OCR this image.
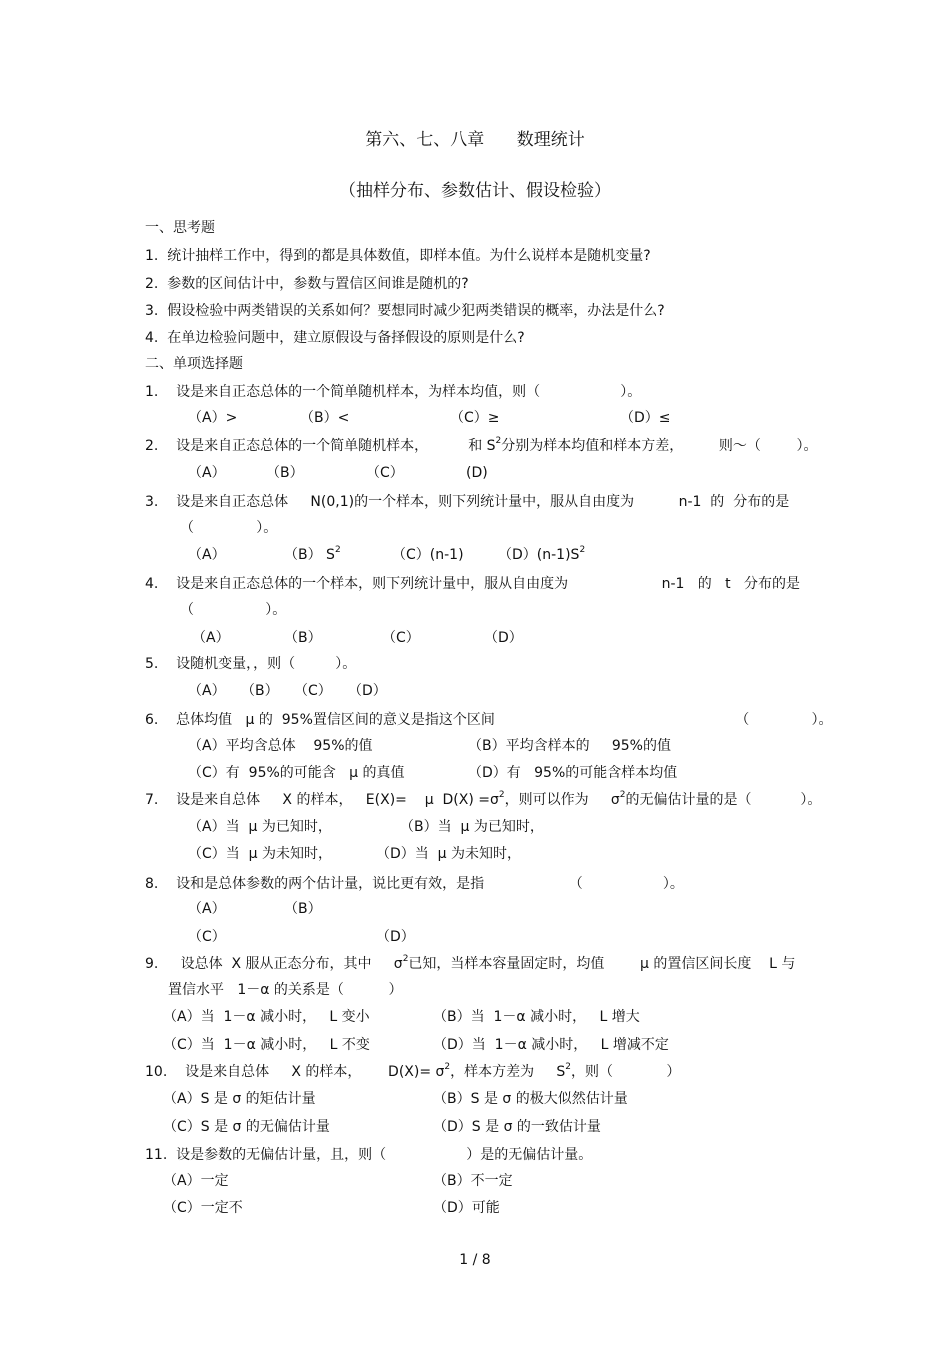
第六、七、八章      数理统计
（抽样分布、参数估计、假设检验）
一、思考题
1.  统计抽样工作中，得到的都是具体数值，即样本值。为什么说样本是随机变量?
2.  参数的区间估计中，参数与置信区间谁是随机的?
3.  假设检验中两类错误的关系如何？要想同时减少犯两类错误的概率，办法是什么?
4.  在单边检验问题中，建立原假设与备择假设的原则是什么?
二、单项选择题
1.    设是来自正态总体的一个简单随机样本，为样本均值，则（                  ）。
（A）>	（B）<	（C）≥	（D）≤
2.    设是来自正态总体的一个简单随机样本，         和 $S^2$分别为样本均值和样本方差，        则～（        ）。
（A）	（B）	（C）	(D)
3.    设是来自正态总体     N(0,1)的一个样本，则下列统计量中，服从自由度为          n-1  的  分布的是
（              ）。
（A）	（B） $S^2$	（C）(n-1) $(D)(n-1)S^2$
4.    设是来自正态总体的一个样本，则下列统计量中，服从自由度为                     n-1   的   t   分布的是
（                ）。
（A）	（B）	（C）	（D）
5.    设随机变量，，则（         ）。
（A） （B） （C） （D）
6.    总体均值   μ 的  95%置信区间的意义是指这个区间                                                      （              ）。
（A）平均含总体    95%的值	（B）平均含样本的     95%的值
（C）有  95%的可能含   μ 的真值	（D）有   95%的可能含样本均值
7.    设是来自总体     X 的样本，   E(X)=    μ  $D(X) =\sigma^2$，则可以作为     $\sigma^2$的无偏估计量的是（           ）。
（A）当  μ 为已知时，	（B）当  μ 为已知时，
（C）当  μ 为未知时，	（D）当  μ 为未知时，
8.    设和是总体参数的两个估计量，说比更有效，是指                   （                  ）。
（A）	（B）
（C）	（D）
9.     设总体  X 服从正态分布，其中     $\sigma^2$已知，当样本容量固定时，均值        μ 的置信区间长度    L 与
置信水平   1－α 的关系是（          ）
（A）当  1－α 减小时，   L 变小	（B）当  1－α 减小时，   L 增大
（C）当  1－α 减小时，   L 不变	（D）当  1－α 减小时，   L 增减不定
10.    设是来自总体     X 的样本，      $D(X)= \sigma^2$，样本方差为     $S^2$，则（            ）
（A）S 是 σ 的矩估计量	（B）S 是 σ 的极大似然估计量
（C）S 是 σ 的无偏估计量	（D）S 是 σ 的一致估计量
11.  设是参数的无偏估计量，且，则（                  ）是的无偏估计量。
（A）一定	（B）不一定
（C）一定不	（D）可能
1 / 8
